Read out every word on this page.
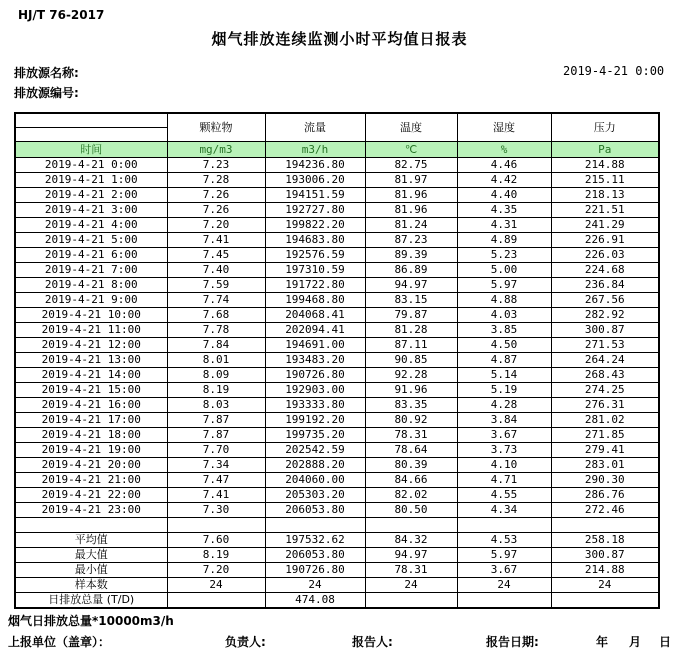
HJ/T 76-2017
烟气排放连续监测小时平均值日报表
排放源名称:
排放源编号:
2019-4-21 0:00
	颗粒物	流量	温度	湿度	压力

时间	mg/m3	m3/h	℃	%	Pa
2019-4-21 0:00	7.23	194236.80	82.75	4.46	214.88
2019-4-21 1:00	7.28	193006.20	81.97	4.42	215.11
2019-4-21 2:00	7.26	194151.59	81.96	4.40	218.13
2019-4-21 3:00	7.26	192727.80	81.96	4.35	221.51
2019-4-21 4:00	7.20	199822.20	81.24	4.31	241.29
2019-4-21 5:00	7.41	194683.80	87.23	4.89	226.91
2019-4-21 6:00	7.45	192576.59	89.39	5.23	226.03
2019-4-21 7:00	7.40	197310.59	86.89	5.00	224.68
2019-4-21 8:00	7.59	191722.80	94.97	5.97	236.84
2019-4-21 9:00	7.74	199468.80	83.15	4.88	267.56
2019-4-21 10:00	7.68	204068.41	79.87	4.03	282.92
2019-4-21 11:00	7.78	202094.41	81.28	3.85	300.87
2019-4-21 12:00	7.84	194691.00	87.11	4.50	271.53
2019-4-21 13:00	8.01	193483.20	90.85	4.87	264.24
2019-4-21 14:00	8.09	190726.80	92.28	5.14	268.43
2019-4-21 15:00	8.19	192903.00	91.96	5.19	274.25
2019-4-21 16:00	8.03	193333.80	83.35	4.28	276.31
2019-4-21 17:00	7.87	199192.20	80.92	3.84	281.02
2019-4-21 18:00	7.87	199735.20	78.31	3.67	271.85
2019-4-21 19:00	7.70	202542.59	78.64	3.73	279.41
2019-4-21 20:00	7.34	202888.20	80.39	4.10	283.01
2019-4-21 21:00	7.47	204060.00	84.66	4.71	290.30
2019-4-21 22:00	7.41	205303.20	82.02	4.55	286.76
2019-4-21 23:00	7.30	206053.80	80.50	4.34	272.46

平均值	7.60	197532.62	84.32	4.53	258.18
最大值	8.19	206053.80	94.97	5.97	300.87
最小值	7.20	190726.80	78.31	3.67	214.88
样本数	24	24	24	24	24
日排放总量 (T/D)		474.08			
烟气日排放总量*10000m3/h
上报单位（盖章）：	负责人:	报告人:	报告日期:	年 月 日
